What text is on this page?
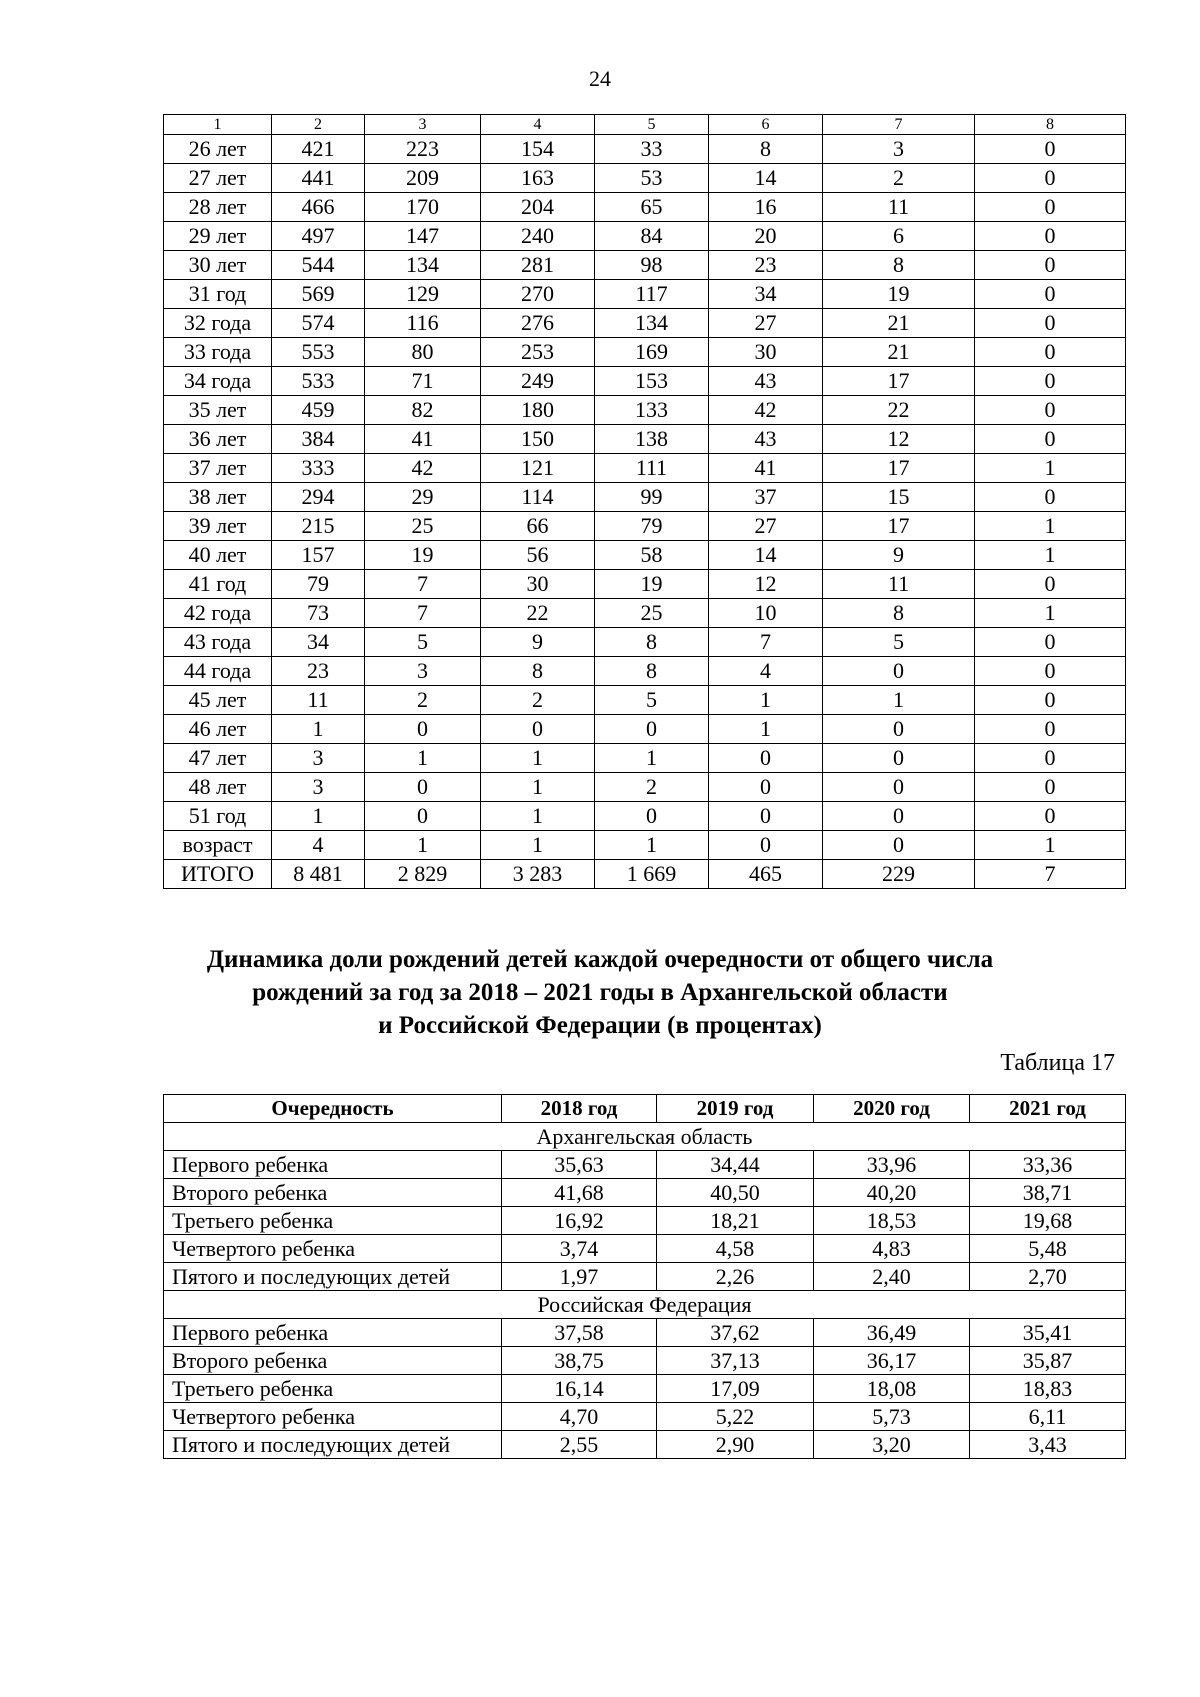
24
1	2	3	4	5	6	7	8
26 лет	421	223	154	33	8	3	0
27 лет	441	209	163	53	14	2	0
28 лет	466	170	204	65	16	11	0
29 лет	497	147	240	84	20	6	0
30 лет	544	134	281	98	23	8	0
31 год	569	129	270	117	34	19	0
32 года	574	116	276	134	27	21	0
33 года	553	80	253	169	30	21	0
34 года	533	71	249	153	43	17	0
35 лет	459	82	180	133	42	22	0
36 лет	384	41	150	138	43	12	0
37 лет	333	42	121	111	41	17	1
38 лет	294	29	114	99	37	15	0
39 лет	215	25	66	79	27	17	1
40 лет	157	19	56	58	14	9	1
41 год	79	7	30	19	12	11	0
42 года	73	7	22	25	10	8	1
43 года	34	5	9	8	7	5	0
44 года	23	3	8	8	4	0	0
45 лет	11	2	2	5	1	1	0
46 лет	1	0	0	0	1	0	0
47 лет	3	1	1	1	0	0	0
48 лет	3	0	1	2	0	0	0
51 год	1	0	1	0	0	0	0
возраст	4	1	1	1	0	0	1
ИТОГО	8 481	2 829	3 283	1 669	465	229	7
Динамика доли рождений детей каждой очередности от общего числа
рождений за год за 2018 – 2021 годы в Архангельской области
и Российской Федерации (в процентах)
Таблица 17
Очередность	2018 год	2019 год	2020 год	2021 год
Архангельская область				
Первого ребенка	35,63	34,44	33,96	33,36
Второго ребенка	41,68	40,50	40,20	38,71
Третьего ребенка	16,92	18,21	18,53	19,68
Четвертого ребенка	3,74	4,58	4,83	5,48
Пятого и последующих детей	1,97	2,26	2,40	2,70
Российская Федерация				
Первого ребенка	37,58	37,62	36,49	35,41
Второго ребенка	38,75	37,13	36,17	35,87
Третьего ребенка	16,14	17,09	18,08	18,83
Четвертого ребенка	4,70	5,22	5,73	6,11
Пятого и последующих детей	2,55	2,90	3,20	3,43
